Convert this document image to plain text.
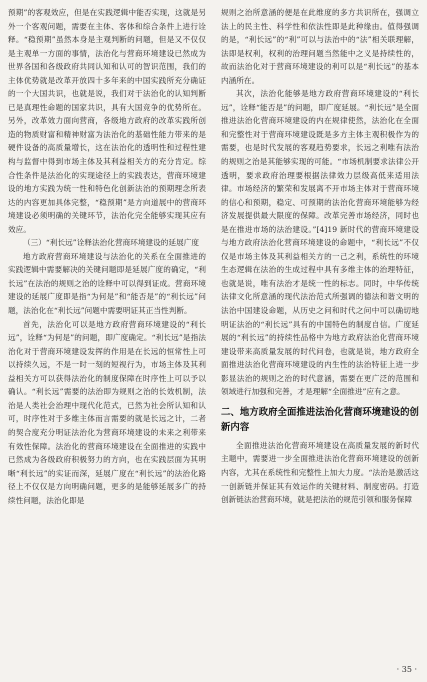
预期”的客观效应，但是在实践逻辑中能否实现，这就是另外一个客观问题，需要在主体、客体和综合条件上进行诠释。“稳预期”虽然本身是主观判断的问题，但是又不仅仅是主观单一方面的事情，法治化与营商环境建设已然成为世界各国和各级政府共同认知和认可的智识范围，我们的主体优势就是改革开放四十多年来的中国实践所充分确证的一个大国共识，也就是说，我们对于法治化的认知判断已是真理性命题的国家共识，具有大国竞争的优势所在。另外，改革效力面向营商，各级地方政府的改革实践所创造的物质财富和精神财富为法治化的基础性能力带来的是硬件设备的高质量增长，这在法治化的透明性和过程性建构与监督中得到市场主体及其利益相关方的充分肯定。综合性条件是法治化的实现途径上的实践表达，营商环境建设的地方实践为统一性和特色化创新法治的预期理念所表达的内容更加具体完整，“稳预期”是方向道展中的营商环境建设必须明确的关键环节，法治化完全能够实现其应有效应。

（三）“利长远”诠释法治化营商环境建设的延展广度

地方政府营商环境建设与法治化的关系在全面推进的实践逻辑中需要解决的关键问题即是延展广度的确定，“利长远”在法治的规则之治的诠释中可以得到证成。营商环境建设的延展广度即是指“为何是”和“能否是”的“利长远”问题，法治化在“利长远”问题中需要明证其正当性判断。

首先，法治化可以是地方政府营商环境建设的“利长远”，诠释“为何是”的问题，即广度确定。“利长远”是指法治化对于营商环境建设发挥的作用是在长远的恒常性上可以持续久远，不是一时一刻的短视行为，市场主体及其利益相关方可以获得法治化的制度保障在时序性上可以予以确认。“利长远”需要的法治即为规则之治的长效机制，法治是人类社会治理中现代化范式，已然为社会所认知和认可，时序性对于多维主体而言需要的就是长远之计，二者的契合度充分明证法治化为营商环境建设的未来之利带来有效性保障。法治化的营商环境建设在全面推进的实践中已然成为各级政府积极努力的方向，也在实践层面为其明晰“利长远”的实证而深，延展广度在“利长远”的法治化路径上不仅仅是方向明确问题，更多的是能够延展多广的持续性问题，法治化即是

规则之治所意涵的便是在此维度的多方共识所在，强调立法上的民主性、科学性和依法性即是此种缘由。值得强调的是，“利长远”的“利”可以与法治中的“法”相关联理解，法即是权利，权利的治理问题当然能中之义是持续性的，故而法治化对于营商环境建设的利可以是“利长远”的基本内涵所在。

其次，法治化能够是地方政府营商环境建设的“利长远”，诠释“能否是”的问题，即广度延展。“利长远”是全面推进法治化营商环境建设的内在规律使然，法治化在全面和完整性对于营商环境建设既是多方主体主观积极作为的需要，也是时代发展的客观趋势要求，长远之利唯有法治的规则之治是其能够实现的可能。“市场机制要求法律公开透明，要求政府治理要根据法律效力层级高低来适用法律。市场经济的繁荣和发展离不开市场主体对于营商环境的信心和预期，稳定、可预期的法治化营商环境能够为经济发展提供最大限度的保障。改革完善市场经济，同时也是在推进市场的法治建设。”[4]19 新时代的营商环境建设与地方政府法治化营商环境建设的命题中，“利长远”不仅仅是市场主体及其利益相关方的一己之利，系统性的环境生态逻辑在法治的生成过程中具有多维主体的治理特征，也就是说，唯有法治才是统一性的标志。同时，中华传统法律文化所意涵的现代法治范式所强调的德法和谐文明的法治中国建设命题，从历史之问和时代之问中可以确切地明证法治的“利长远”具有的中国特色的制度自信。广度延展的“利长远”的持续性品格中为地方政府法治化营商环境建设带来高质量发展的时代问卷，也就是说，地方政府全面推进法治化营商环境建设的内生性的法治特征上进一步影显法治的规则之治的时代意涵，需要在更广泛的范围和领域进行加强和完善，才是理解“全面推进”应有之意。

二、地方政府全面推进法治化营商环境建设的创新内容

全面推进法治化营商环境建设在高质量发展的新时代主题中，需要进一步全面推进法治化营商环境建设的创新内容，尤其在系统性和完整性上加大力度。“法治是激活这一创新链并保证其有效运作的关键材料、制度密码。打造创新链法治营商环境，就是把法治的规范引领和服务保障

· 35 ·
